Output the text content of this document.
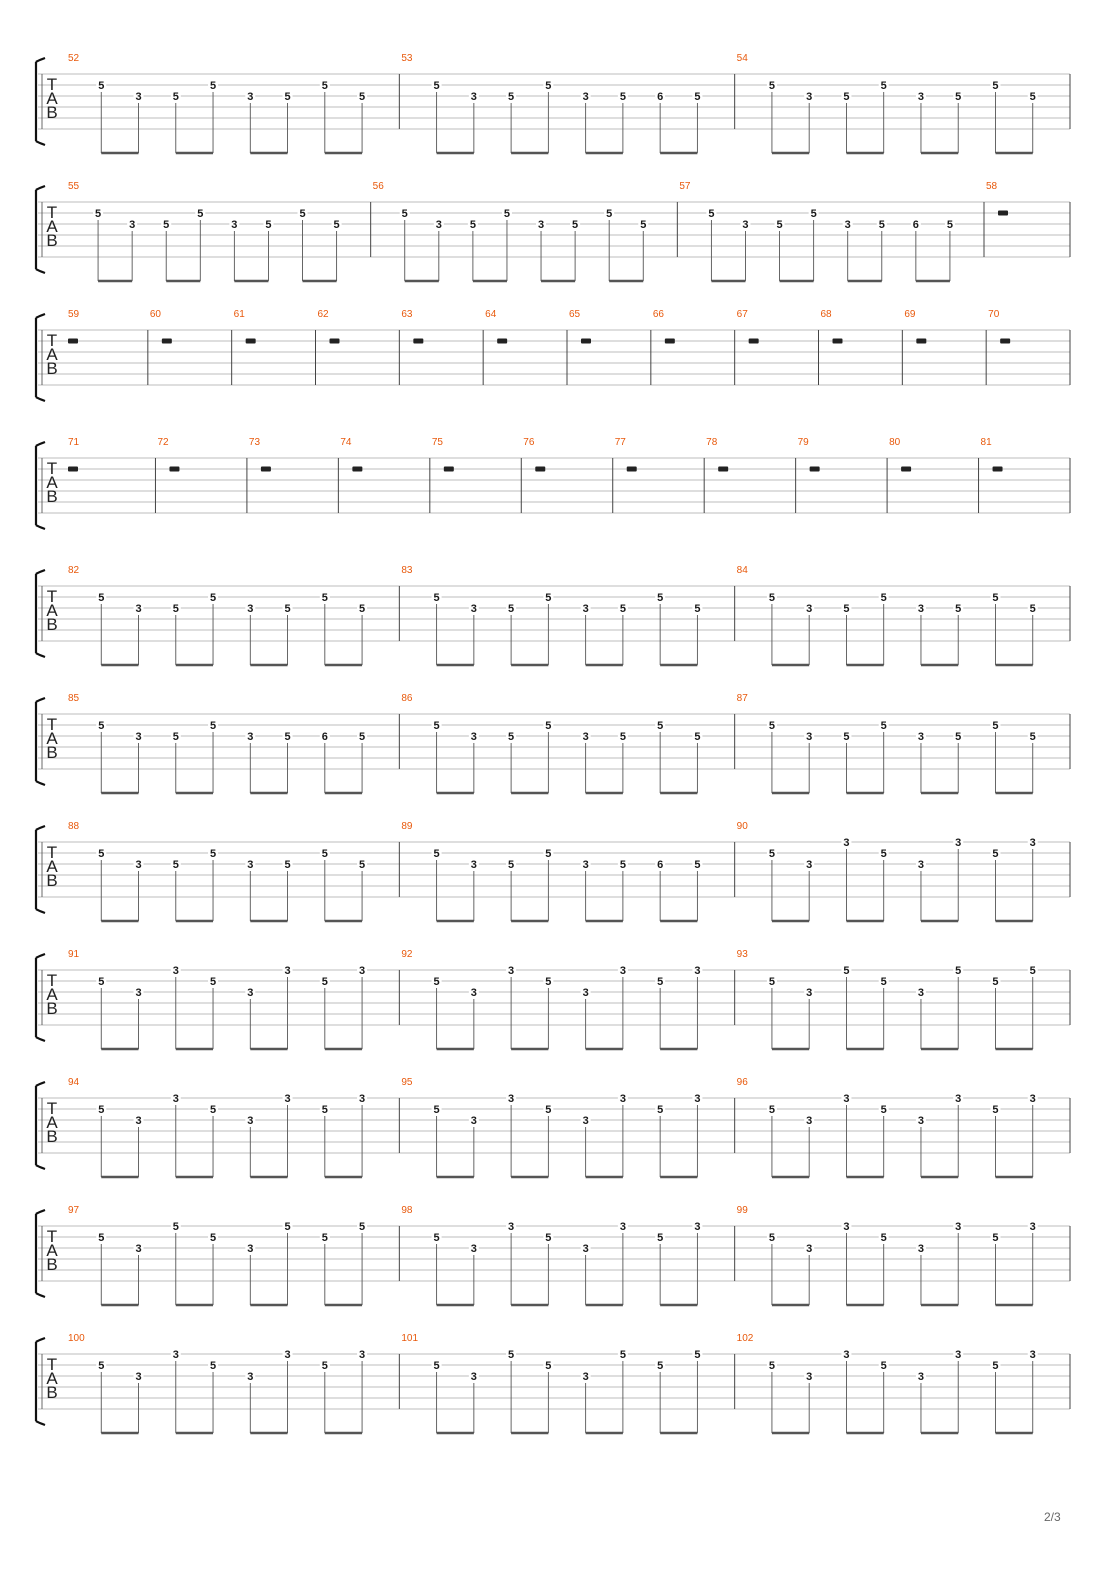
T
A
B
52
5
3	5
5
3	5
5
5
53
5
3	5
5
3	5	6	5
54
5
3	5
5
3	5
5
5
T
A
B
55
5
3	5
5
3	5
5
5
56
5
3	5
5
3	5
5
5
57
5
3	5
5
3	5	6	5
58
T
A
B
59	60	61	62	63	64	65	66	67	68	69	70
T
A
B
71	72	73	74	75	76	77	78	79	80	81
T
A
B
82
5
3	5
5
3	5
5
5
83
5
3	5
5
3	5
5
5
84
5
3	5
5
3	5
5
5
T
A
B
85
5
3	5
5
3	5	6	5
86
5
3	5
5
3	5
5
5
87
5
3	5
5
3	5
5
5
T
A
B
88
5
3	5
5
3	5
5
5
89
5
3	5
5
3	5	6	5
90
5
3
3
5
3
3
5
3
T
A
B
91
5
3
3
5
3
3
5
3
92
5
3
3
5
3
3
5
3
93
5
3
5
5
3
5
5
5
T
A
B
94
5
3
3
5
3
3
5
3
95
5
3
3
5
3
3
5
3
96
5
3
3
5
3
3
5
3
T
A
B
97
5
3
5
5
3
5
5
5
98
5
3
3
5
3
3
5
3
99
5
3
3
5
3
3
5
3
T
A
B
100
5
3
3
5
3
3
5
3
101
5
3
5
5
3
5
5
5
102
5
3
3
5
3
3
5
3
2/3
